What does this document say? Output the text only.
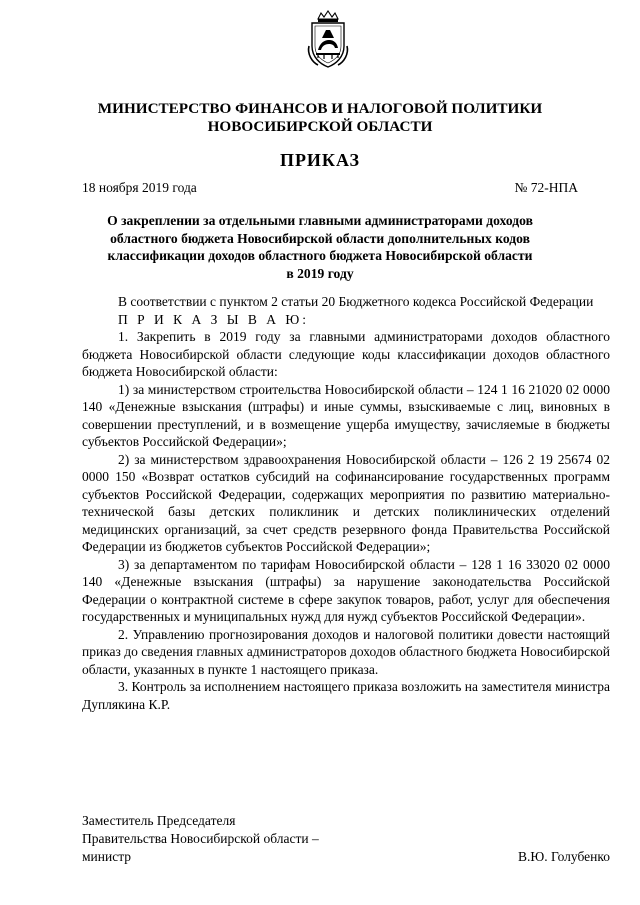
МИНИСТЕРСТВО ФИНАНСОВ И НАЛОГОВОЙ ПОЛИТИКИ
НОВОСИБИРСКОЙ ОБЛАСТИ
ПРИКАЗ
18 ноября 2019 года	№ 72-НПА
О закреплении за отдельными главными администраторами доходов
областного бюджета Новосибирской области дополнительных кодов
классификации доходов областного бюджета Новосибирской области
в 2019 году

В соответствии с пунктом 2 статьи 20 Бюджетного кодекса Российской Федерации

П Р И К А З Ы В А Ю:

1. Закрепить в 2019 году за главными администраторами доходов областного бюджета Новосибирской области следующие коды классификации доходов областного бюджета Новосибирской области:

1) за министерством строительства Новосибирской области – 124 1 16 21020 02 0000 140 «Денежные взыскания (штрафы) и иные суммы, взыскиваемые с лиц, виновных в совершении преступлений, и в возмещение ущерба имуществу, зачисляемые в бюджеты субъектов Российской Федерации»;

2) за министерством здравоохранения Новосибирской области – 126 2 19 25674 02 0000 150 «Возврат остатков субсидий на софинансирование государственных программ субъектов Российской Федерации, содержащих мероприятия по развитию материально-технической базы детских поликлиник и детских поликлинических отделений медицинских организаций, за счет средств резервного фонда Правительства Российской Федерации из бюджетов субъектов Российской Федерации»;

3) за департаментом по тарифам Новосибирской области – 128 1 16 33020 02 0000 140 «Денежные взыскания (штрафы) за нарушение законодательства Российской Федерации о контрактной системе в сфере закупок товаров, работ, услуг для обеспечения государственных и муниципальных нужд для нужд субъектов Российской Федерации».

2. Управлению прогнозирования доходов и налоговой политики довести настоящий приказ до сведения главных администраторов доходов областного бюджета Новосибирской области, указанных в пункте 1 настоящего приказа.

3. Контроль за исполнением настоящего приказа возложить на заместителя министра Дуплякина К.Р.

Заместитель Председателя
Правительства Новосибирской области –
министр	В.Ю. Голубенко
